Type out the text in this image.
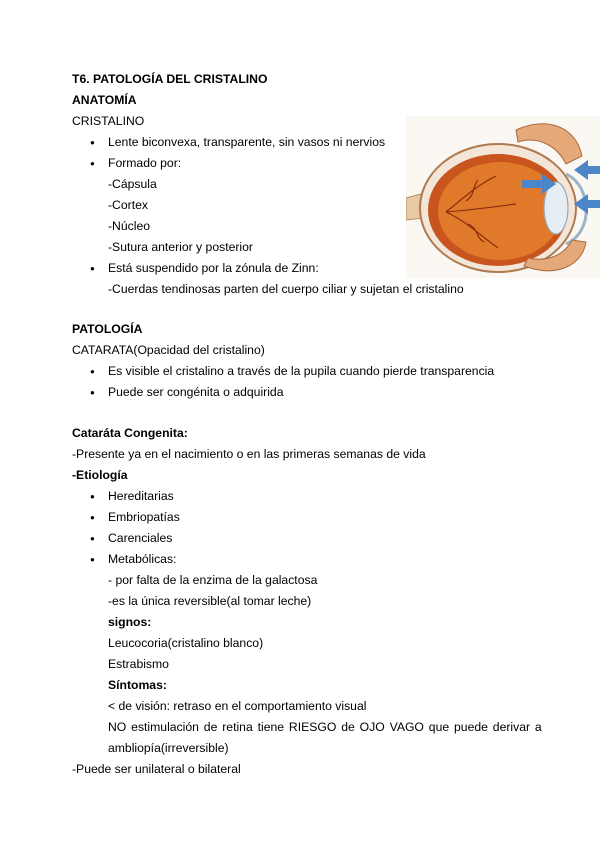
T6. PATOLOGÍA DEL CRISTALINO
ANATOMÍA
CRISTALINO
● Lente biconvexa, transparente, sin vasos ni nervios
● Formado por:
-Cápsula
-Cortex
-Núcleo
-Sutura anterior y posterior
● Está suspendido por la zónula de Zinn:
-Cuerdas tendinosas parten del cuerpo ciliar y sujetan el cristalino
PATOLOGÍA
CATARATA(Opacidad del cristalino)
● Es visible el cristalino a través de la pupila cuando pierde transparencia
● Puede ser congénita o adquirida
Cataráta Congenita:
-Presente ya en el nacimiento o en las primeras semanas de vida
-Etiología
● Hereditarias
● Embriopatías
● Carenciales
● Metabólicas:
- por falta de la enzima de la galactosa
-es la única reversible(al tomar leche)
signos:
Leucocoria(cristalino blanco)
Estrabismo
Síntomas:
< de visión: retraso en el comportamiento visual
NO estimulación de retina tiene RIESGO de OJO VAGO que puede derivar a
ambliopía(irreversible)
-Puede ser unilateral o bilateral
